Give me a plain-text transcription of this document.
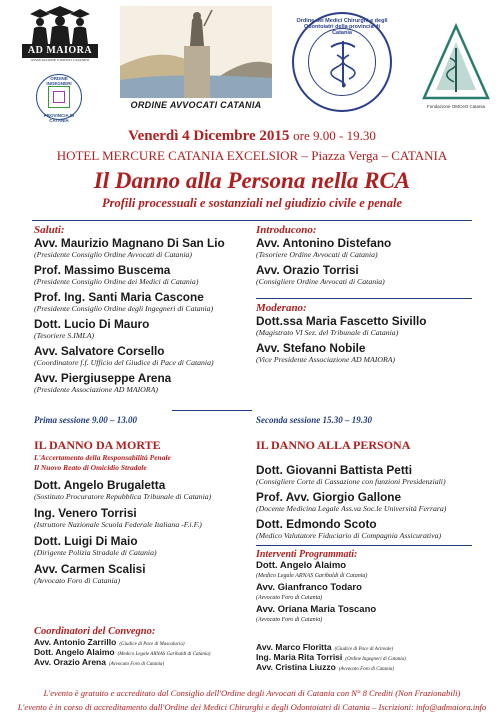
AD MAIORA
ASSOCIAZIONE GIURISTI CATANESI
ORDINE INGEGNERI
PROVINCIA DI CATANIA
ORDINE AVVOCATI CATANIA
Ordine dei Medici Chirurghi e degli Odontoiatri della provincia di Catania
Fondazione OMCeO Catania
Venerdì 4 Dicembre 2015 ore 9.00 - 19.30
HOTEL MERCURE CATANIA EXCELSIOR – Piazza Verga – CATANIA
Il Danno alla Persona nella RCA
Profili processuali e sostanziali nel giudizio civile e penale
Saluti:
Avv. Maurizio Magnano Di San Lio
(Presidente Consiglio Ordine Avvocati di Catania)
Prof. Massimo Buscema
(Presidente Consiglio Ordine dei Medici di Catania)
Prof. Ing. Santi Maria Cascone
(Presidente Consiglio Ordine degli Ingegneri di Catania)
Dott. Lucio Di Mauro
(Tesoriere S.IMLA)
Avv. Salvatore Corsello
(Coordinatore f.f. Ufficio del Giudice di Pace di Catania)
Avv. Piergiuseppe Arena
(Presidente Associazione AD MAIORA)
Introducono:
Avv. Antonino Distefano
(Tesoriere Ordine Avvocati di Catania)
Avv. Orazio Torrisi
(Consigliere Ordine Avvocati di Catania)
Moderano:
Dott.ssa Maria Fascetto Sivillo
(Magistrato VI Sez. del Tribunale di Catania)
Avv. Stefano Nobile
(Vice Presidente Associazione AD MAIORA)
Prima sessione 9.00 – 13.00	Seconda sessione 15.30 – 19.30
IL DANNO DA MORTE
L'Accertamento della Responsabilità Penale
Il Nuovo Reato di Omicidio Stradale
Dott. Angelo Brugaletta
(Sostituto Procuratore Repubblica Tribunale di Catania)
Ing. Venero Torrisi
(Istruttore Nazionale Scuola Federale Italiana -F.i.F.)
Dott. Luigi Di Maio
(Dirigente Polizia Stradale di Catania)
Avv. Carmen Scalisi
(Avvocato Foro di Catania)
IL DANNO ALLA PERSONA
Dott. Giovanni Battista Petti
(Consigliere Corte di Cassazione con funzioni Presidenziali)
Prof. Avv. Giorgio Gallone
(Docente Medicina Legale Ass.va Soc.le Università Ferrara)
Dott. Edmondo Scoto
(Medico Valutatore Fiduciario di Compagnia Assicurativa)
Interventi Programmati:
Dott. Angelo Alaimo
(Medico Legale ARNAS Garibaldi di Catania)
Avv. Gianfranco Todaro
(Avvocato Foro di Catania)
Avv. Oriana Maria Toscano
(Avvocato Foro di Catania)
Coordinatori del Convegno:
Avv. Antonio Zarrillo (Giudice di Pace di Mascalucia)
Dott. Angelo Alaimo (Medico Legale ARNAS Garibaldi di Catania)
Avv. Orazio Arena (Avvocato Foro di Catania)
Avv. Marco Floritta (Giudice di Pace di Acireale)
Ing. Maria Rita Torrisi (Ordine Ingegneri di Catania)
Avv. Cristina Liuzzo (Avvocato Foro di Catania)
L'evento è gratuito e accreditato dal Consiglio dell'Ordine degli Avvocati di Catania con N° 8 Crediti (Non Frazionabili)
L'evento è in corso di accreditamento dall'Ordine dei Medici Chirurghi e degli Odontoiatri di Catania – Iscrizioni: info@admaiora.info
